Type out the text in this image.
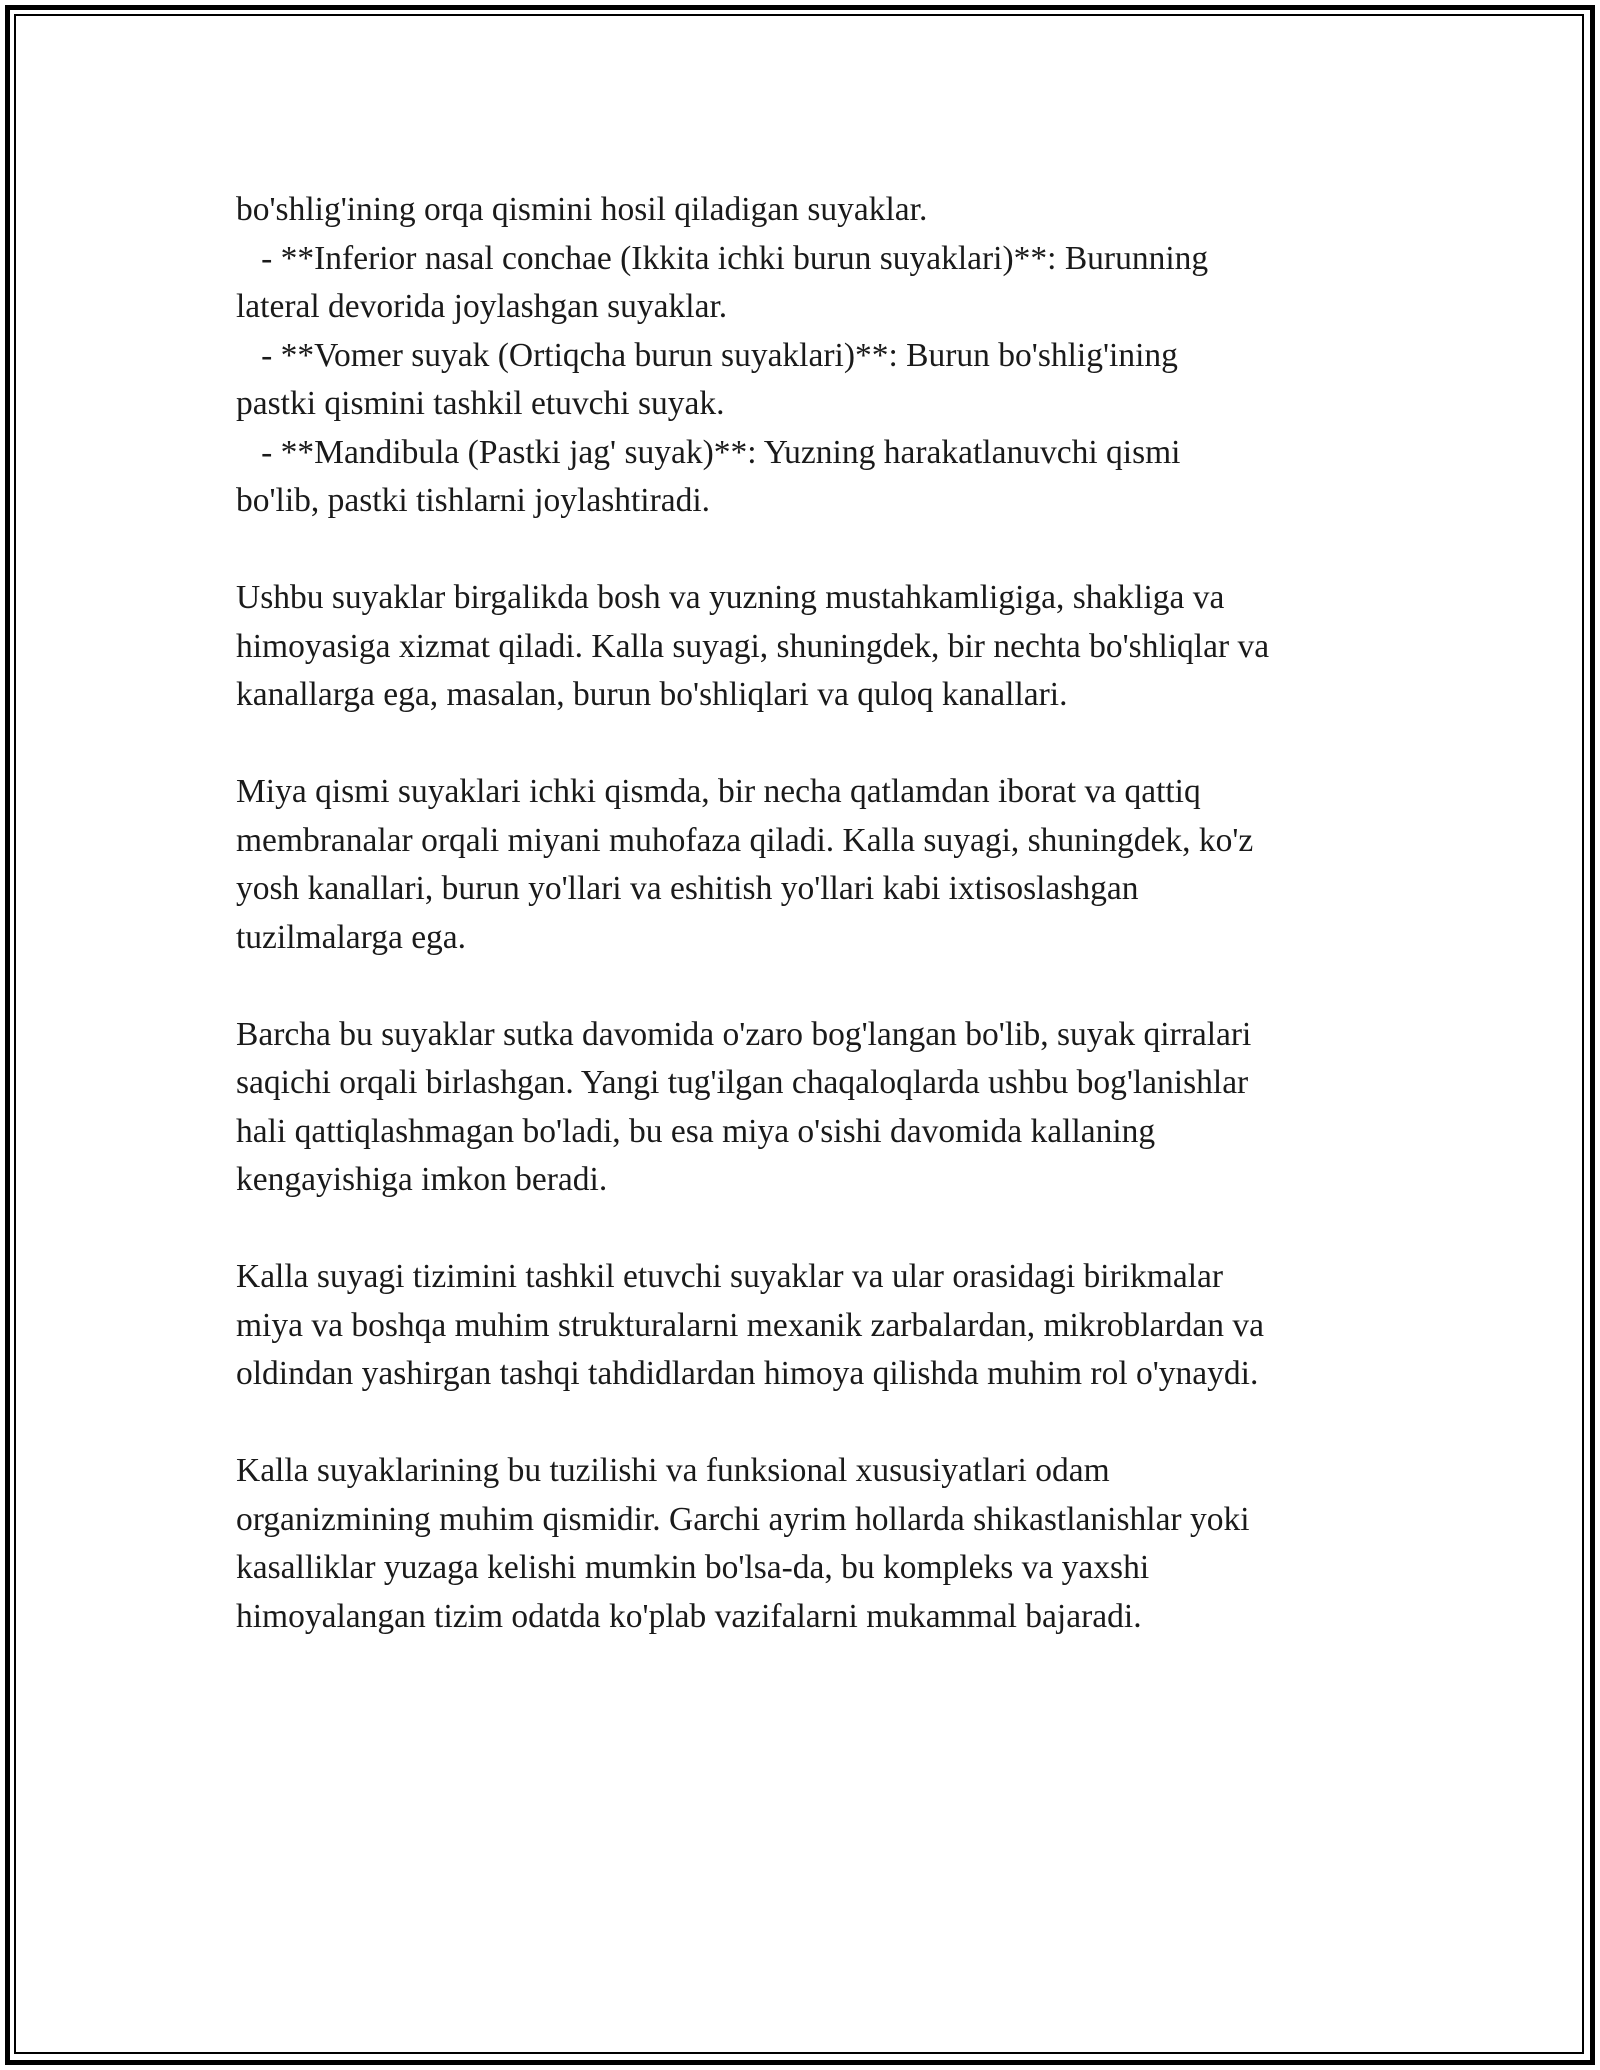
bo'shlig'ining orqa qismini hosil qiladigan suyaklar.
- **Inferior nasal conchae (Ikkita ichki burun suyaklari)**: Burunning
lateral devorida joylashgan suyaklar.
- **Vomer suyak (Ortiqcha burun suyaklari)**: Burun bo'shlig'ining
pastki qismini tashkil etuvchi suyak.
- **Mandibula (Pastki jag' suyak)**: Yuzning harakatlanuvchi qismi
bo'lib, pastki tishlarni joylashtiradi.
Ushbu suyaklar birgalikda bosh va yuzning mustahkamligiga, shakliga va
himoyasiga xizmat qiladi. Kalla suyagi, shuningdek, bir nechta bo'shliqlar va
kanallarga ega, masalan, burun bo'shliqlari va quloq kanallari.
Miya qismi suyaklari ichki qismda, bir necha qatlamdan iborat va qattiq
membranalar orqali miyani muhofaza qiladi. Kalla suyagi, shuningdek, ko'z
yosh kanallari, burun yo'llari va eshitish yo'llari kabi ixtisoslashgan
tuzilmalarga ega.
Barcha bu suyaklar sutka davomida o'zaro bog'langan bo'lib, suyak qirralari
saqichi orqali birlashgan. Yangi tug'ilgan chaqaloqlarda ushbu bog'lanishlar
hali qattiqlashmagan bo'ladi, bu esa miya o'sishi davomida kallaning
kengayishiga imkon beradi.
Kalla suyagi tizimini tashkil etuvchi suyaklar va ular orasidagi birikmalar
miya va boshqa muhim strukturalarni mexanik zarbalardan, mikroblardan va
oldindan yashirgan tashqi tahdidlardan himoya qilishda muhim rol o'ynaydi.
Kalla suyaklarining bu tuzilishi va funksional xususiyatlari odam
organizmining muhim qismidir. Garchi ayrim hollarda shikastlanishlar yoki
kasalliklar yuzaga kelishi mumkin bo'lsa-da, bu kompleks va yaxshi
himoyalangan tizim odatda ko'plab vazifalarni mukammal bajaradi.
